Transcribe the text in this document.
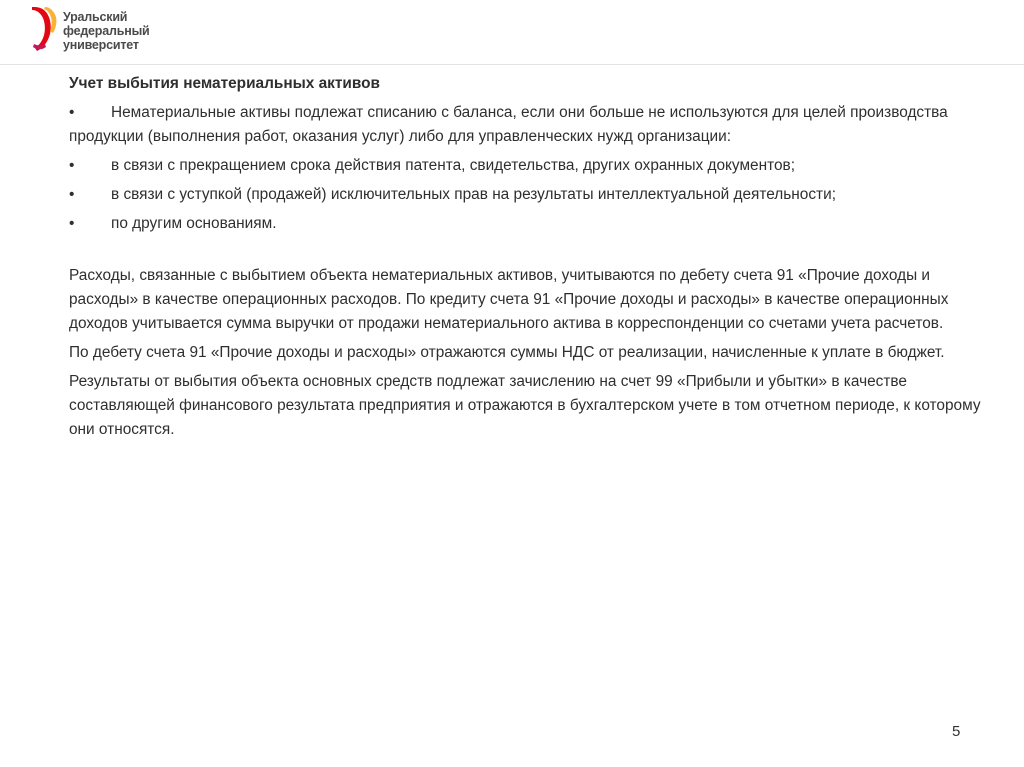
Уральский
федеральный
университет
Учет выбытия нематериальных активов
•	Нематериальные активы подлежат списанию с баланса, если они больше не используются для целей производства продукции (выполнения работ, оказания услуг) либо для управленческих нужд организации:
•	в связи с прекращением срока действия патента, свидетельства, других охранных документов;
•	в связи с уступкой (продажей) исключительных прав на результаты интеллектуальной деятельности;
•	по другим основаниям.
Расходы, связанные с выбытием объекта нематериальных активов, учитываются по дебету счета 91 «Прочие доходы и расходы» в качестве операционных расходов. По кредиту счета 91 «Прочие доходы и расходы» в качестве операционных доходов учитывается сумма выручки от продажи нематериального актива в корреспонденции со счетами учета расчетов.
По дебету счета 91 «Прочие доходы и расходы» отражаются суммы НДС от реализации, начисленные к уплате в бюджет.
Результаты от выбытия объекта основных средств подлежат зачислению на счет 99 «Прибыли и убытки» в качестве составляющей финансового результата предприятия и отражаются в бухгалтерском учете в том отчетном периоде, к которому они относятся.
5
